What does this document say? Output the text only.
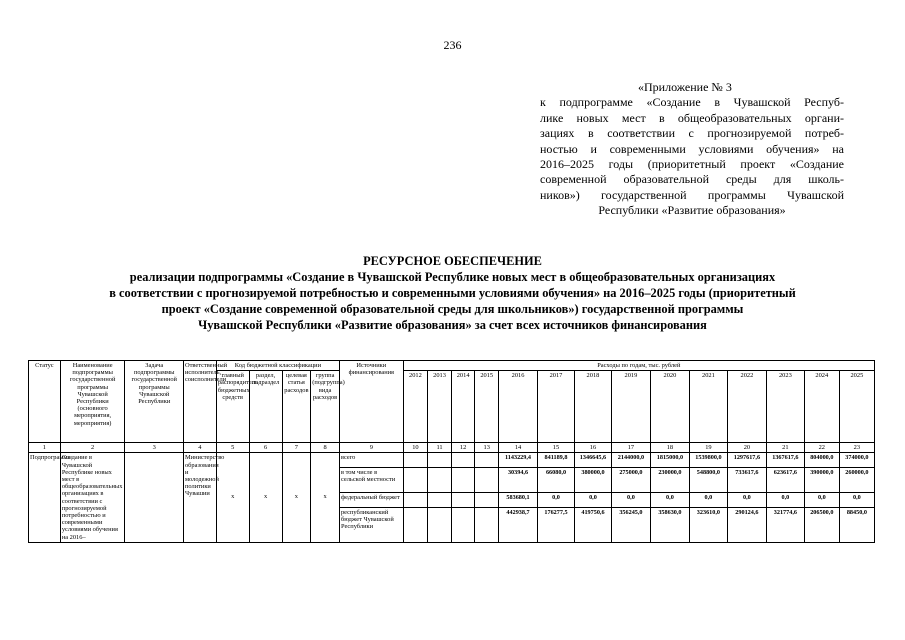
236
«Приложение № 3
к подпрограмме «Создание в Чувашской Респуб-
лике новых мест в общеобразовательных органи-
зациях в соответствии с прогнозируемой потреб-
ностью и современными условиями обучения» на
2016–2025 годы (приоритетный проект «Создание
современной образовательной среды для школь-
ников») государственной программы Чувашской
Республики «Развитие образования»
РЕСУРСНОЕ ОБЕСПЕЧЕНИЕ
реализации подпрограммы «Создание в Чувашской Республике новых мест в общеобразовательных организациях
в соответствии с прогнозируемой потребностью и современными условиями обучения» на 2016–2025 годы (приоритетный
проект «Создание современной образовательной среды для школьников») государственной программы
Чувашской Республики «Развитие образования» за счет всех источников финансирования
Статус	Наименование подпрограммы государственной программы Чувашской Республики (основного мероприятия, мероприятия)	Задача подпрограммы государственной программы Чувашской Республики	Ответственный исполнитель, соисполнители	Код бюджетной классификации				Источники финансирования	Расходы по годам, тыс. рублей													
				главный распорядитель бюджетных средств	раздел, подраздел	целевая статья расходов	группа (подгруппа) вида расходов		2012	2013	2014	2015	2016	2017	2018	2019	2020	2021	2022	2023	2024	2025
1	2	3	4	5	6	7	8	9	10	11	12	13	14	15	16	17	18	19	20	21	22	23
Подпрограмма	Создание в Чувашской Республике новых мест в общеобразовательных организациях в соответствии с прогнозируемой потребностью и современными условиями обучения на 2016–		Министерство образования и молодежной политики Чувашии	x	x	x	x	всего					1143229,4	841189,8	1346645,6	2144000,0	1815000,0	1539800,0	1297617,6	1367617,6	804000,0	374000,0
								в том числе в сельской местности					30394,6	66080,0	380000,0	275000,0	230000,0	548800,0	733617,6	623617,6	390000,0	260000,0
								федеральный бюджет					583680,1	0,0	0,0	0,0	0,0	0,0	0,0	0,0	0,0	0,0
								республиканский бюджет Чувашской Республики					442938,7	176277,5	419750,6	356245,0	358630,0	323610,0	290124,6	321774,6	206500,0	88450,0
